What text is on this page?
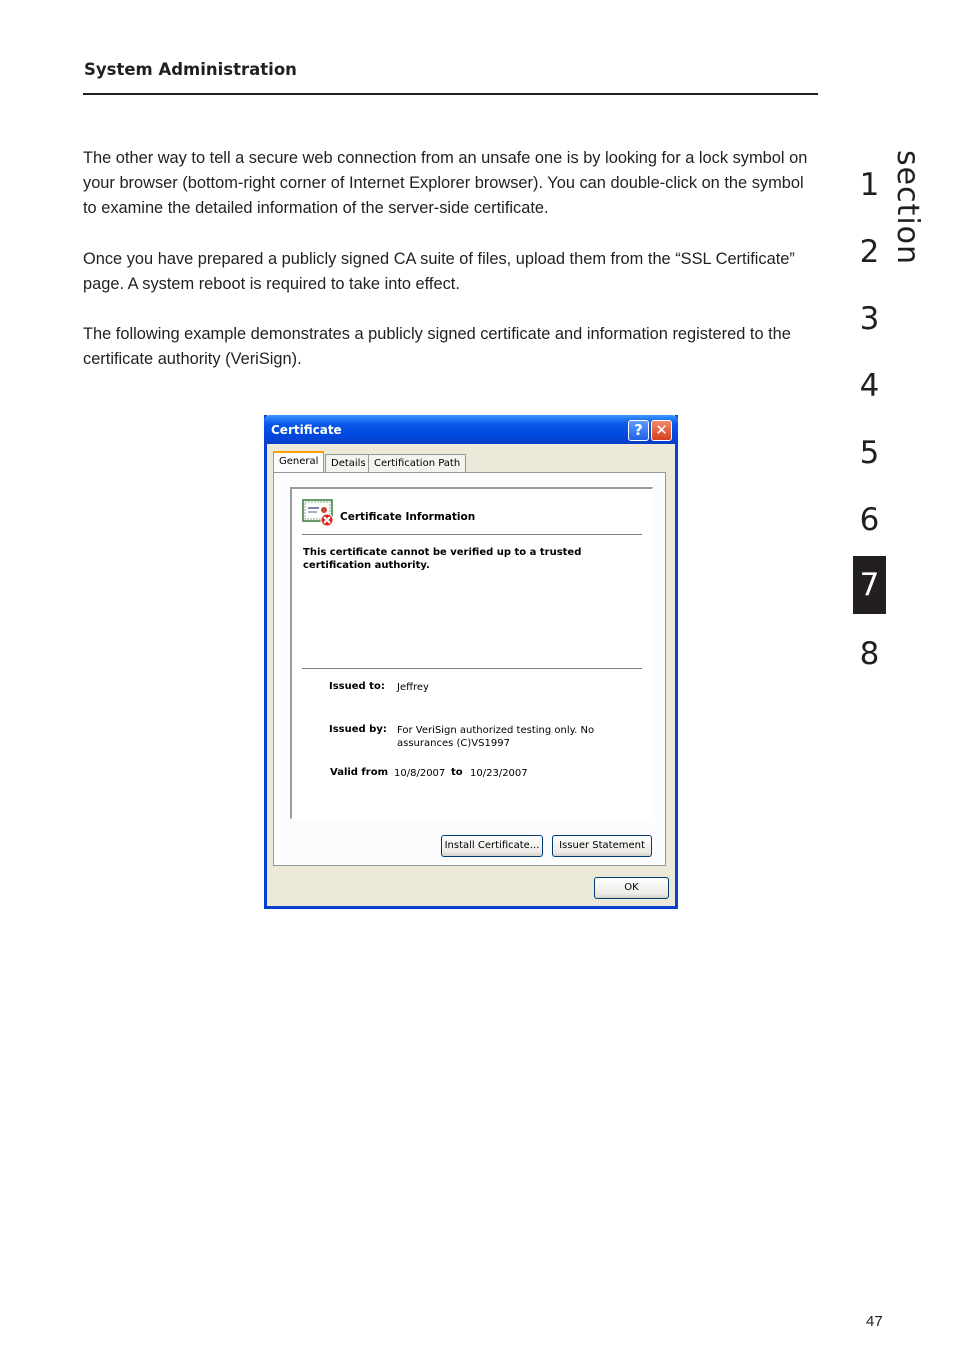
System Administration

The other way to tell a secure web connection from an unsafe one is by looking for a lock symbol on your browser (bottom-right corner of Internet Explorer browser). You can double-click on the symbol to examine the detailed information of the server-side certificate.

Once you have prepared a publicly signed CA suite of files, upload them from the “SSL Certificate” page. A system reboot is required to take into effect.

The following example demonstrates a publicly signed certificate and information registered to the certificate authority (VeriSign).

section
1
2
3
4
5
6
7
8
Certificate	? ✕
General	Details Certification Path
Certificate Information
This certificate cannot be verified up to a trusted certification authority.
Issued to: Jeffrey
Issued by: For VeriSign authorized testing only. No assurances (C)VS1997
Valid from 10/8/2007 to 10/23/2007
Install Certificate...	Issuer Statement
OK
47
